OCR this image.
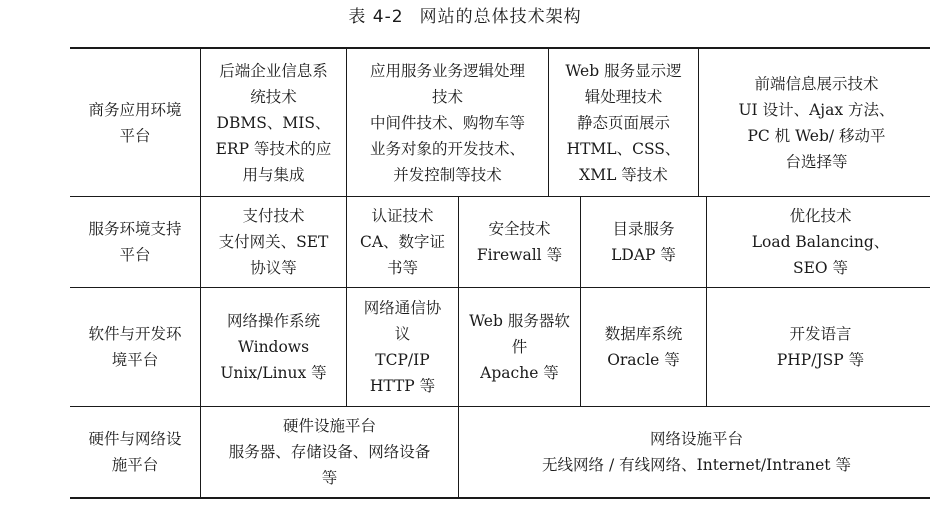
表 4-2 网站的总体技术架构
商务应用环境
平台
后端企业信息系
统技术
DBMS、MIS、
ERP 等技术的应
用与集成
应用服务业务逻辑处理
技术
中间件技术、购物车等
业务对象的开发技术、
并发控制等技术
Web 服务显示逻
辑处理技术
静态页面展示
HTML、CSS、
XML 等技术
前端信息展示技术
UI 设计、Ajax 方法、
PC 机 Web/ 移动平
台选择等
服务环境支持
平台
支付技术
支付网关、SET
协议等
认证技术
CA、数字证
书等
安全技术
Firewall 等
目录服务
LDAP 等
优化技术
Load Balancing、
SEO 等
软件与开发环
境平台
网络操作系统
Windows
Unix/Linux 等
网络通信协
议
TCP/IP
HTTP 等
Web 服务器软
件
Apache 等
数据库系统
Oracle 等
开发语言
PHP/JSP 等
硬件与网络设
施平台
硬件设施平台
服务器、存储设备、网络设备
等
网络设施平台
无线网络 / 有线网络、Internet/Intranet 等
